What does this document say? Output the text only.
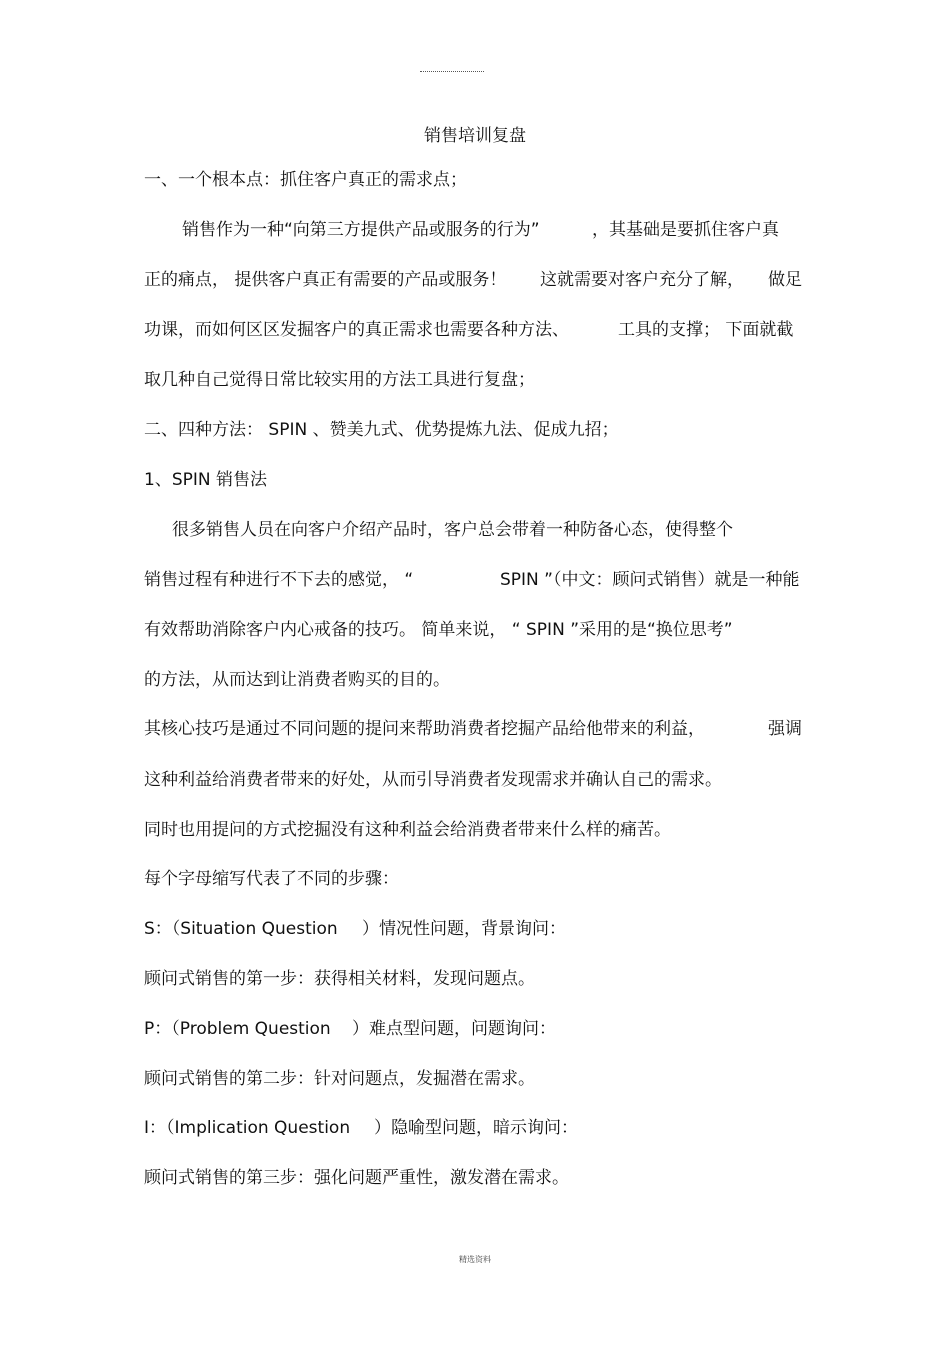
销售培训复盘
一、一个根本点：抓住客户真正的需求点；
销售作为一种“向第三方提供产品或服务的行为”	，其基础是要抓住客户真
正的痛点， 提供客户真正有需要的产品或服务！ 这就需要对客户充分了解， 做足
功课，而如何区区发掘客户的真正需求也需要各种方法、	工具的支撑； 下面就截
取几种自己觉得日常比较实用的方法工具进行复盘；
二、四种方法： SPIN 、赞美九式、优势提炼九法、促成九招；
1、SPIN 销售法
很多销售人员在向客户介绍产品时，客户总会带着一种防备心态，使得整个
销售过程有种进行不下去的感觉， “	SPIN ”（中文：顾问式销售）就是一种能
有效帮助消除客户内心戒备的技巧。 简单来说， “ SPIN ”采用的是“换位思考”
的方法，从而达到让消费者购买的目的。
其核心技巧是通过不同问题的提问来帮助消费者挖掘产品给他带来的利益，	强调
这种利益给消费者带来的好处，从而引导消费者发现需求并确认自己的需求。
同时也用提问的方式挖掘没有这种利益会给消费者带来什么样的痛苦。
每个字母缩写代表了不同的步骤：
S：（Situation Question ）情况性问题，背景询问：
顾问式销售的第一步：获得相关材料，发现问题点。
P：（Problem Question ）难点型问题，问题询问：
顾问式销售的第二步：针对问题点，发掘潜在需求。
I：（Implication Question ）隐喻型问题，暗示询问：
顾问式销售的第三步：强化问题严重性，激发潜在需求。
精选资料
